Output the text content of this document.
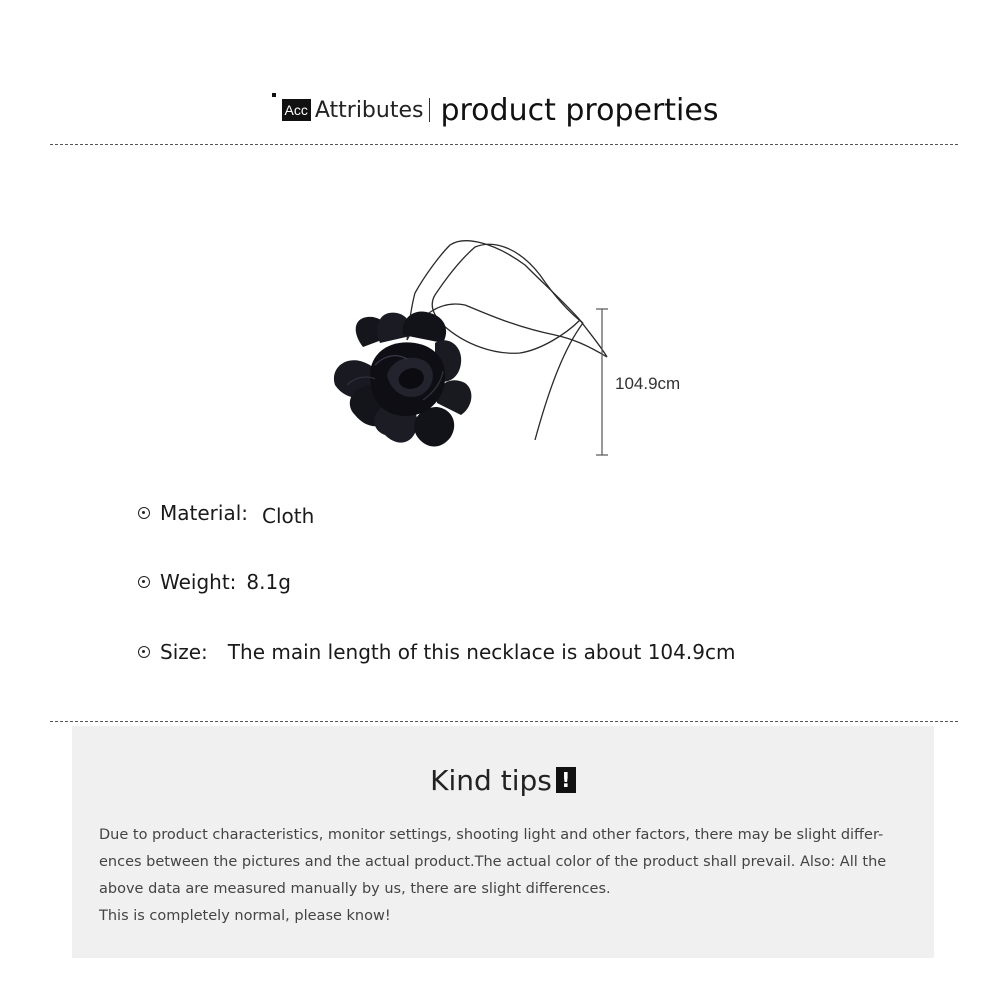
Acc Attributes product properties
104.9cm
Material: Cloth
Weight: 8.1g
Size: The main length of this necklace is about 104.9cm
Kind tips !

Due to product characteristics, monitor settings, shooting light and other factors, there may be slight differ-

ences between the pictures and the actual product.The actual color of the product shall prevail. Also: All the

above data are measured manually by us, there are slight differences.

This is completely normal, please know!
